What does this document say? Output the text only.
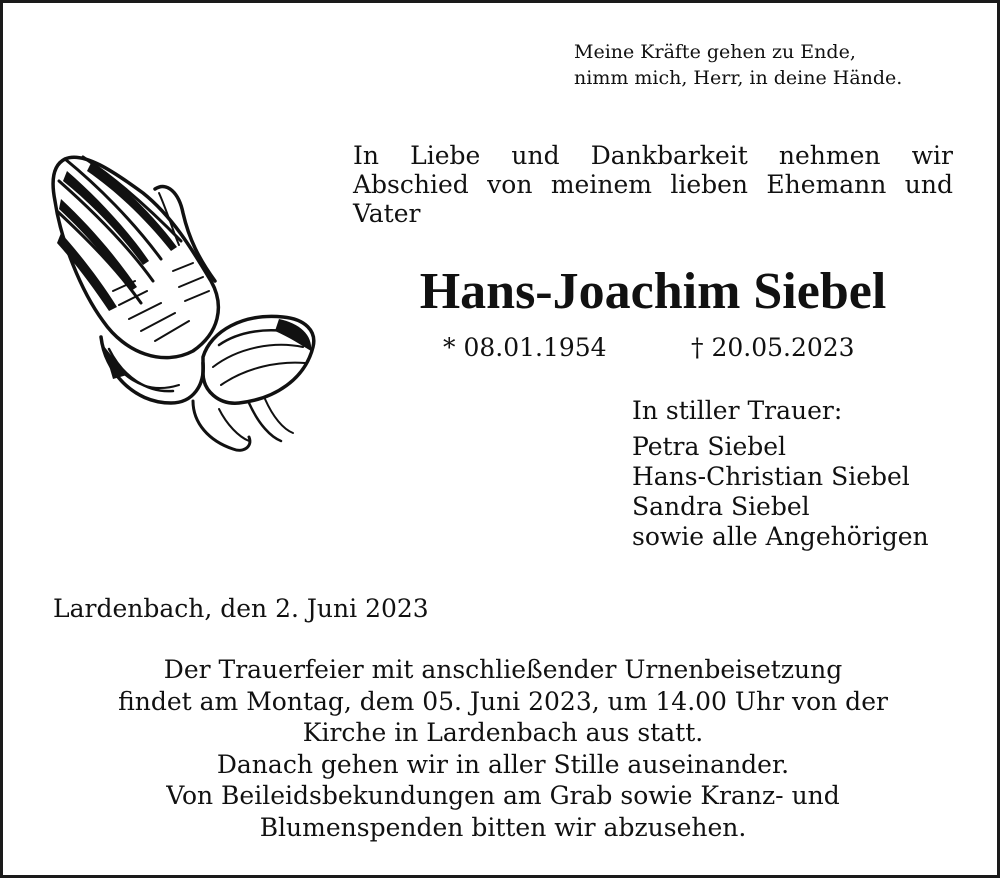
Meine Kräfte gehen zu Ende,
nimm mich, Herr, in deine Hände.
In Liebe und Dankbarkeit nehmen wir Abschied von meinem lieben Ehemann und Vater
Hans-Joachim Siebel
* 08.01.1954	† 20.05.2023
In stiller Trauer:
Petra Siebel
Hans-Christian Siebel
Sandra Siebel
sowie alle Angehörigen
Lardenbach, den 2. Juni 2023
Der Trauerfeier mit anschließender Urnenbeisetzung
findet am Montag, dem 05. Juni 2023, um 14.00 Uhr von der
Kirche in Lardenbach aus statt.
Danach gehen wir in aller Stille auseinander.
Von Beileidsbekundungen am Grab sowie Kranz- und
Blumenspenden bitten wir abzusehen.
